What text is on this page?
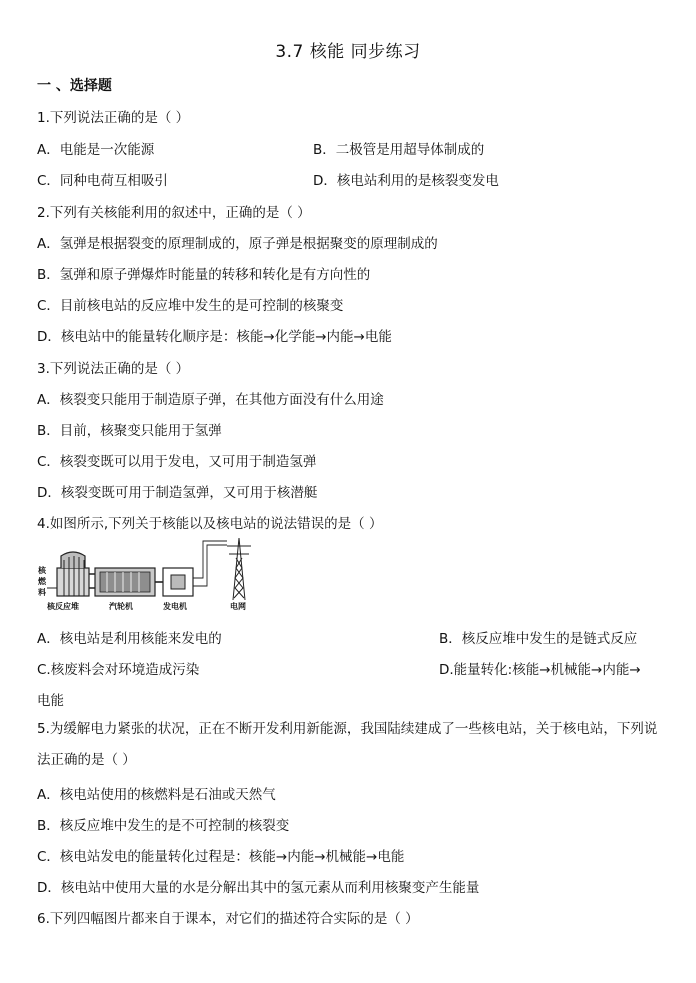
3.7 核能 同步练习
一 、选择题
1.下列说法正确的是（ ）
A．电能是一次能源	B．二极管是用超导体制成的
C．同种电荷互相吸引	D．核电站利用的是核裂变发电
2.下列有关核能利用的叙述中，正确的是（ ）
A．氢弹是根据裂变的原理制成的，原子弹是根据聚变的原理制成的
B．氢弹和原子弹爆炸时能量的转移和转化是有方向性的
C．目前核电站的反应堆中发生的是可控制的核聚变
D．核电站中的能量转化顺序是：核能→化学能→内能→电能
3.下列说法正确的是（ ）
A．核裂变只能用于制造原子弹，在其他方面没有什么用途
B．目前，核聚变只能用于氢弹
C．核裂变既可以用于发电，又可用于制造氢弹
D．核裂变既可用于制造氢弹，又可用于核潜艇
4.如图所示,下列关于核能以及核电站的说法错误的是（ ）
核
燃
料
核反应堆	汽轮机	发电机	电网
A．核电站是利用核能来发电的	B．核反应堆中发生的是链式反应
C.核废料会对环境造成污染	D.能量转化:核能→机械能→内能→
电能
5.为缓解电力紧张的状况，正在不断开发利用新能源，我国陆续建成了一些核电站，关于核电站，下列说法正确的是（ ）
A．核电站使用的核燃料是石油或天然气
B．核反应堆中发生的是不可控制的核裂变
C．核电站发电的能量转化过程是：核能→内能→机械能→电能
D．核电站中使用大量的水是分解出其中的氢元素从而利用核聚变产生能量
6.下列四幅图片都来自于课本，对它们的描述符合实际的是（ ）
